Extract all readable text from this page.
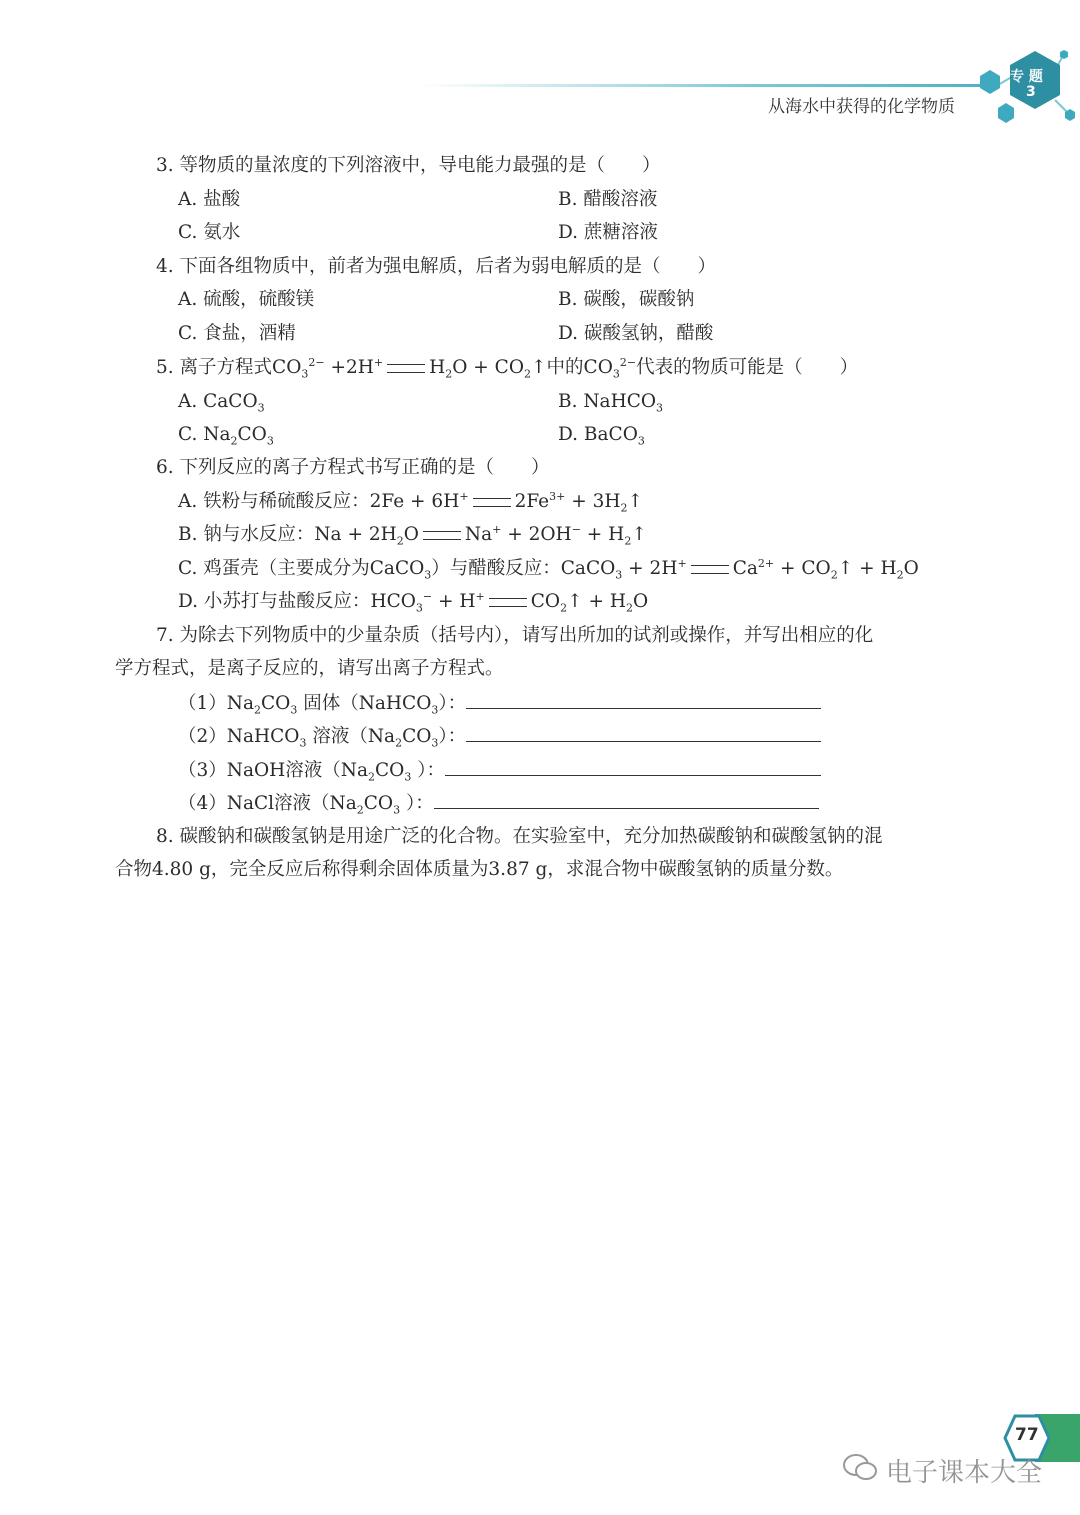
从海水中获得的化学物质
专 题
3
3. 等物质的量浓度的下列溶液中，导电能力最强的是（　　）
A. 盐酸	B. 醋酸溶液
C. 氨水	D. 蔗糖溶液
4. 下面各组物质中，前者为强电解质，后者为弱电解质的是（　　）
A. 硫酸，硫酸镁	B. 碳酸，碳酸钠
C. 食盐，酒精	D. 碳酸氢钠，醋酸
5. 离子方程式$CO_3^{2-} +2H^+$ $H_2O$ + $CO_2↑$中的$CO_3^{2-}$代表的物质可能是（　　）
A. CaCO$_3$	B. NaHCO$_3$
C. $Na_2CO_3$	D. BaCO$_3$
6. 下列反应的离子方程式书写正确的是（　　）
A. 铁粉与稀硫酸反应：2Fe + 6H+ $2Fe^{3+}$ + $3H_2↑$
B. 钠与水反应：$Na + 2H_2O$ $Na^+ + 2OH^- + H_2↑$
C. 鸡蛋壳（主要成分为CaCO$_3$）与醋酸反应：CaCO$_3$ + 2H+ $Ca^{2+}$ + $CO_2↑ + H_2O$
D. 小苏打与盐酸反应：$HCO_3^- + H^+$ $CO_2↑ + H_2O$
7. 为除去下列物质中的少量杂质（括号内），请写出所加的试剂或操作，并写出相应的化
学方程式，是离子反应的，请写出离子方程式。
$(1)Na_2CO_3$ 固体（NaHCO$_3$）：
（2）NaHCO$_3$ 溶液$(Na_2CO_3)$：
（3）NaOH溶液（$Na_2CO_3$ ）：
（4）NaCl溶液（$Na_2CO_3$ ）：
8. 碳酸钠和碳酸氢钠是用途广泛的化合物。在实验室中，充分加热碳酸钠和碳酸氢钠的混
合物4.80 g，完全反应后称得剩余固体质量为3.87 g，求混合物中碳酸氢钠的质量分数。
77
电子课本大全
